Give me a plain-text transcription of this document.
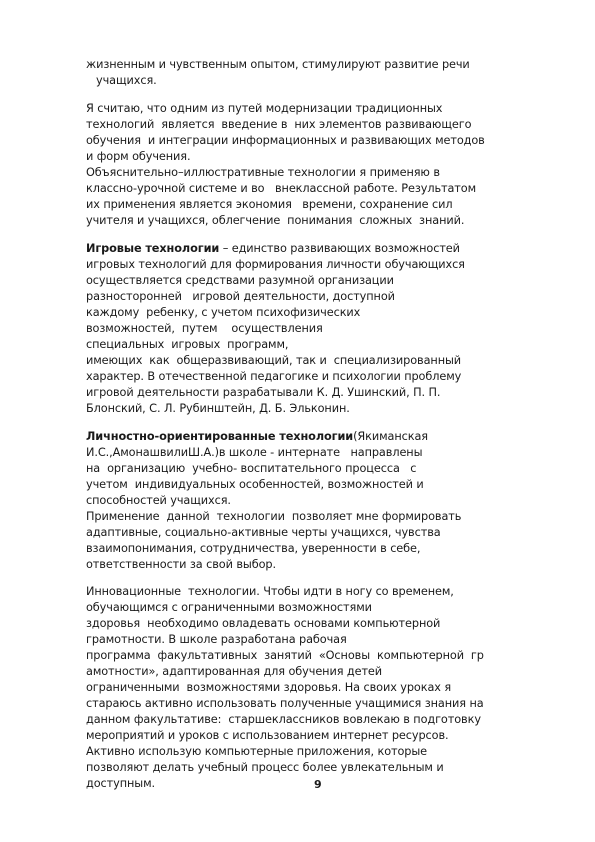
жизненным и чувственным опытом, стимулируют развитие речи
учащихся.
Я считаю, что одним из путей модернизации традиционных
технологий  является  введение в  них элементов развивающего
обучения  и интеграции информационных и развивающих методов
и форм обучения.
Объяснительно–иллюстративные технологии я применяю в
классно-урочной системе и во   внеклассной работе. Результатом
их применения является экономия   времени, сохранение сил
учителя и учащихся, облегчение  понимания  сложных  знаний.
Игровые технологии – единство развивающих возможностей
игровых технологий для формирования личности обучающихся
осуществляется средствами разумной организации
разносторонней   игровой деятельности, доступной
каждому  ребенку, с учетом психофизических
возможностей,  путем    осуществления
специальных  игровых  программ,
имеющих  как  общеразвивающий, так и  специализированный
характер. В отечественной педагогике и психологии проблему
игровой деятельности разрабатывали К. Д. Ушинский, П. П.
Блонский, С. Л. Рубинштейн, Д. Б. Эльконин.
Личностно-ориентированные технологии(Якиманская
И.С.,АмонашвилиШ.А.)в школе - интернате   направлены
на  организацию  учебно- воспитательного процесса   с
учетом  индивидуальных особенностей, возможностей и
способностей учащихся.
Применение  данной  технологии  позволяет мне формировать
адаптивные, социально-активные черты учащихся, чувства
взаимопонимания, сотрудничества, уверенности в себе,
ответственности за свой выбор.
Инновационные  технологии. Чтобы идти в ногу со временем,
обучающимся с ограниченными возможностями
здоровья  необходимо овладевать основами компьютерной
грамотности. В школе разработана рабочая
программа  факультативных  занятий  «Основы  компьютерной  гр
амотности», адаптированная для обучения детей
ограниченными  возможностями здоровья. На своих уроках я
стараюсь активно использовать полученные учащимися знания на
данном факультативе:  старшеклассников вовлекаю в подготовку
мероприятий и уроков с использованием интернет ресурсов.
Активно использую компьютерные приложения, которые
позволяют делать учебный процесс более увлекательным и
доступным.	9
